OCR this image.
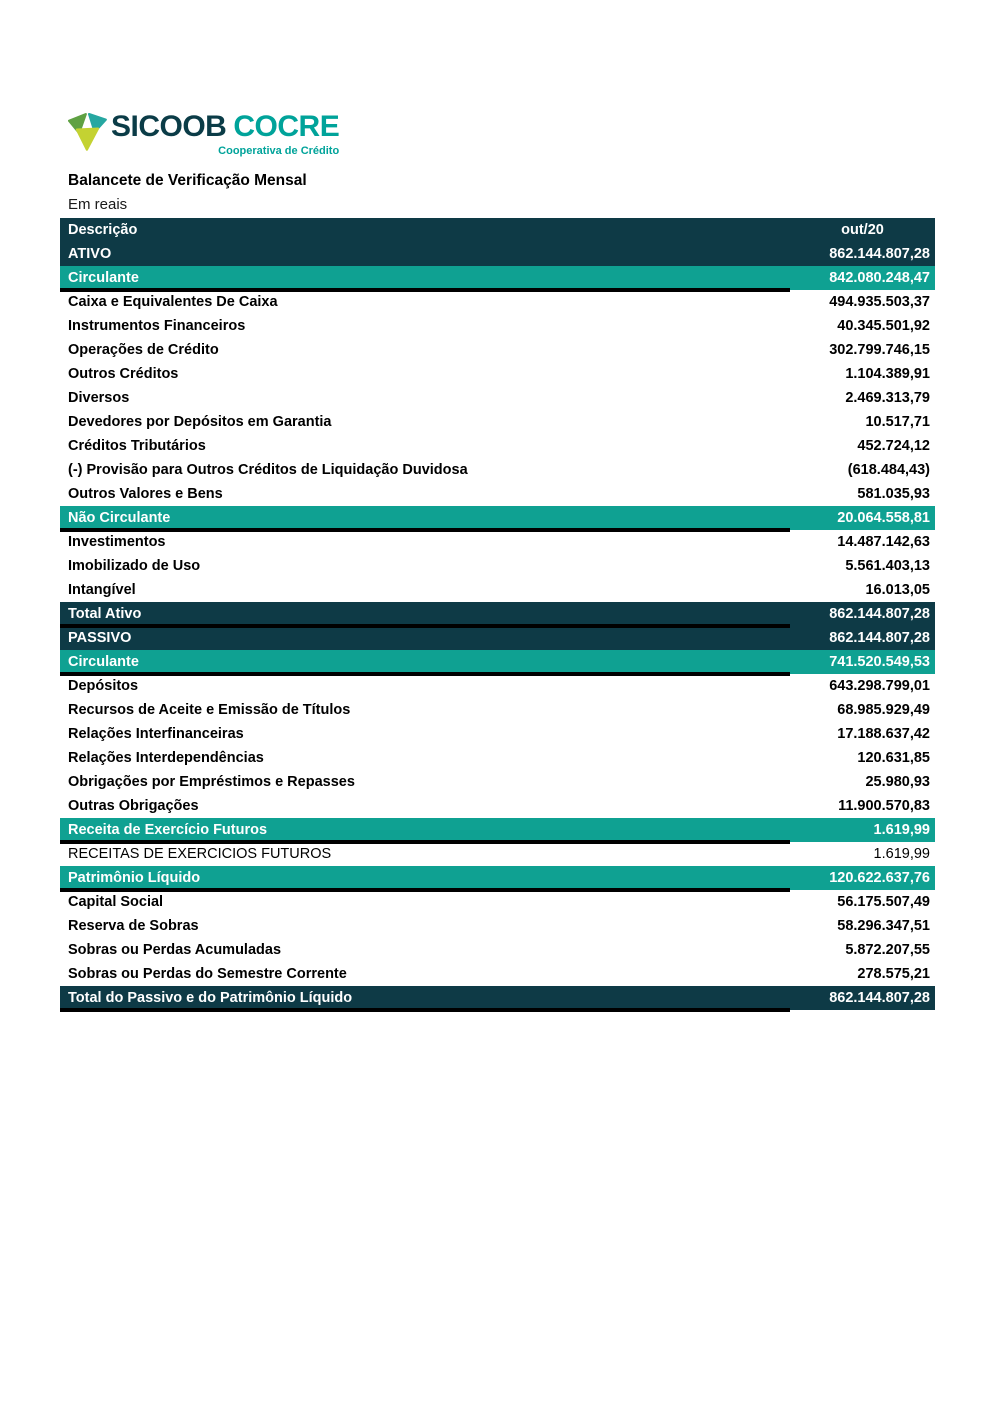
SICOOB COCRE
Cooperativa de Crédito
Balancete de Verificação Mensal
Em reais
Descrição	out/20
ATIVO	862.144.807,28
Circulante	842.080.248,47
Caixa e Equivalentes De Caixa	494.935.503,37
Instrumentos Financeiros	40.345.501,92
Operações de Crédito	302.799.746,15
Outros Créditos	1.104.389,91
Diversos	2.469.313,79
Devedores por Depósitos em Garantia	10.517,71
Créditos Tributários	452.724,12
(-) Provisão para Outros Créditos de Liquidação Duvidosa	(618.484,43)
Outros Valores e Bens	581.035,93
Não Circulante	20.064.558,81
Investimentos	14.487.142,63
Imobilizado de Uso	5.561.403,13
Intangível	16.013,05
Total Ativo	862.144.807,28
PASSIVO	862.144.807,28
Circulante	741.520.549,53
Depósitos	643.298.799,01
Recursos de Aceite e Emissão de Títulos	68.985.929,49
Relações Interfinanceiras	17.188.637,42
Relações Interdependências	120.631,85
Obrigações por Empréstimos e Repasses	25.980,93
Outras Obrigações	11.900.570,83
Receita de Exercício Futuros	1.619,99
RECEITAS DE EXERCICIOS FUTUROS	1.619,99
Patrimônio Líquido	120.622.637,76
Capital Social	56.175.507,49
Reserva de Sobras	58.296.347,51
Sobras ou Perdas Acumuladas	5.872.207,55
Sobras ou Perdas do Semestre Corrente	278.575,21
Total do Passivo e do Patrimônio Líquido	862.144.807,28
